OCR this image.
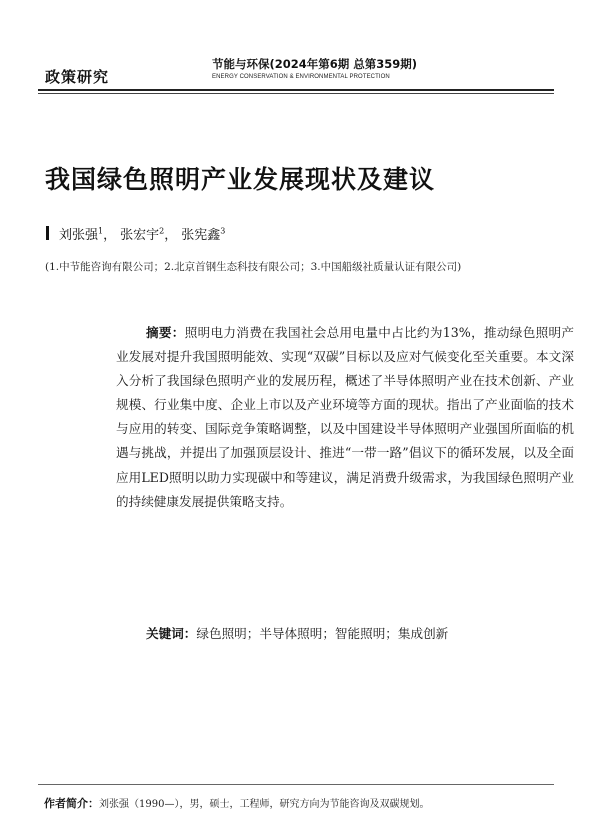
政策研究
节能与环保(2024年第6期 总第359期)
ENERGY CONSERVATION & ENVIRONMENTAL PROTECTION
我国绿色照明产业发展现状及建议
刘张强$^1$ ， 张宏宇$^2$ ， 张宪鑫$^3$
(1.中节能咨询有限公司；2.北京首钢生态科技有限公司；3.中国船级社质量认证有限公司)
摘要：照明电力消费在我国社会总用电量中占比约为13%，推动绿色照明产业发展对提升我国照明能效、实现“双碳”目标以及应对气候变化至关重要。本文深入分析了我国绿色照明产业的发展历程，概述了半导体照明产业在技术创新、产业规模、行业集中度、企业上市以及产业环境等方面的现状。指出了产业面临的技术与应用的转变、国际竞争策略调整，以及中国建设半导体照明产业强国所面临的机遇与挑战，并提出了加强顶层设计、推进“一带一路”倡议下的循环发展，以及全面应用LED照明以助力实现碳中和等建议，满足消费升级需求，为我国绿色照明产业的持续健康发展提供策略支持。
关键词：绿色照明；半导体照明；智能照明；集成创新
作者简介：刘张强（1990—），男，硕士，工程师，研究方向为节能咨询及双碳规划。
